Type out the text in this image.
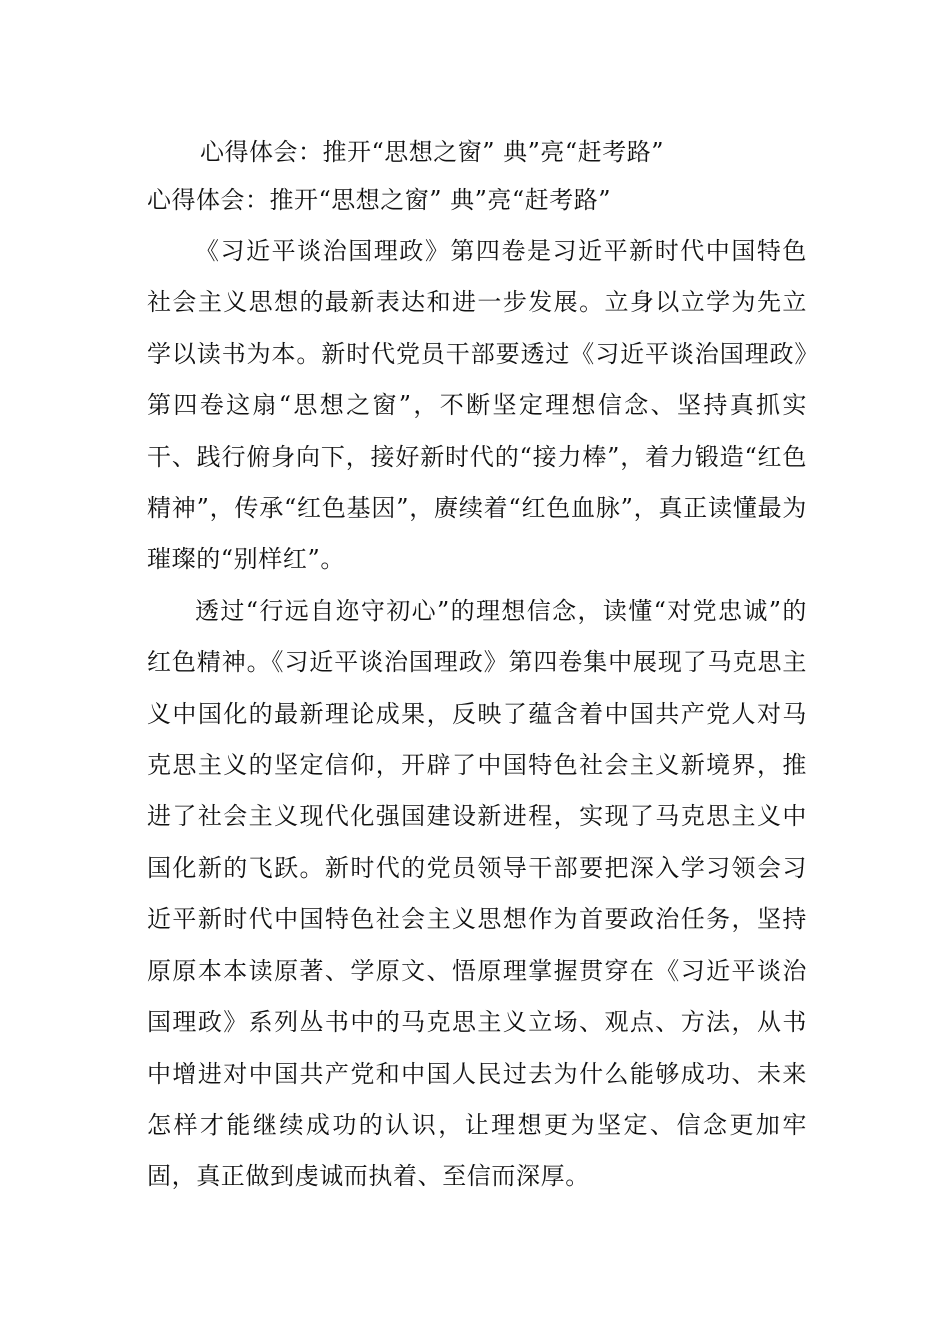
心得体会：推开“思想之窗” 典”亮“赶考路”
心得体会：推开“思想之窗” 典”亮“赶考路”

《习近平谈治国理政》第四卷是习近平新时代中国特色社会主义思想的最新表达和进一步发展。立身以立学为先立学以读书为本。新时代党员干部要透过《习近平谈治国理政》第四卷这扇“思想之窗”，不断坚定理想信念、坚持真抓实干、践行俯身向下，接好新时代的“接力棒”，着力锻造“红色精神”，传承“红色基因”，赓续着“红色血脉”，真正读懂最为璀璨的“别样红”。

透过“行远自迩守初心”的理想信念，读懂“对党忠诚”的红色精神。《习近平谈治国理政》第四卷集中展现了马克思主义中国化的最新理论成果，反映了蕴含着中国共产党人对马克思主义的坚定信仰，开辟了中国特色社会主义新境界，推进了社会主义现代化强国建设新进程，实现了马克思主义中国化新的飞跃。新时代的党员领导干部要把深入学习领会习近平新时代中国特色社会主义思想作为首要政治任务，坚持原原本本读原著、学原文、悟原理掌握贯穿在《习近平谈治国理政》系列丛书中的马克思主义立场、观点、方法，从书中增进对中国共产党和中国人民过去为什么能够成功、未来怎样才能继续成功的认识，让理想更为坚定、信念更加牢固，真正做到虔诚而执着、至信而深厚。
